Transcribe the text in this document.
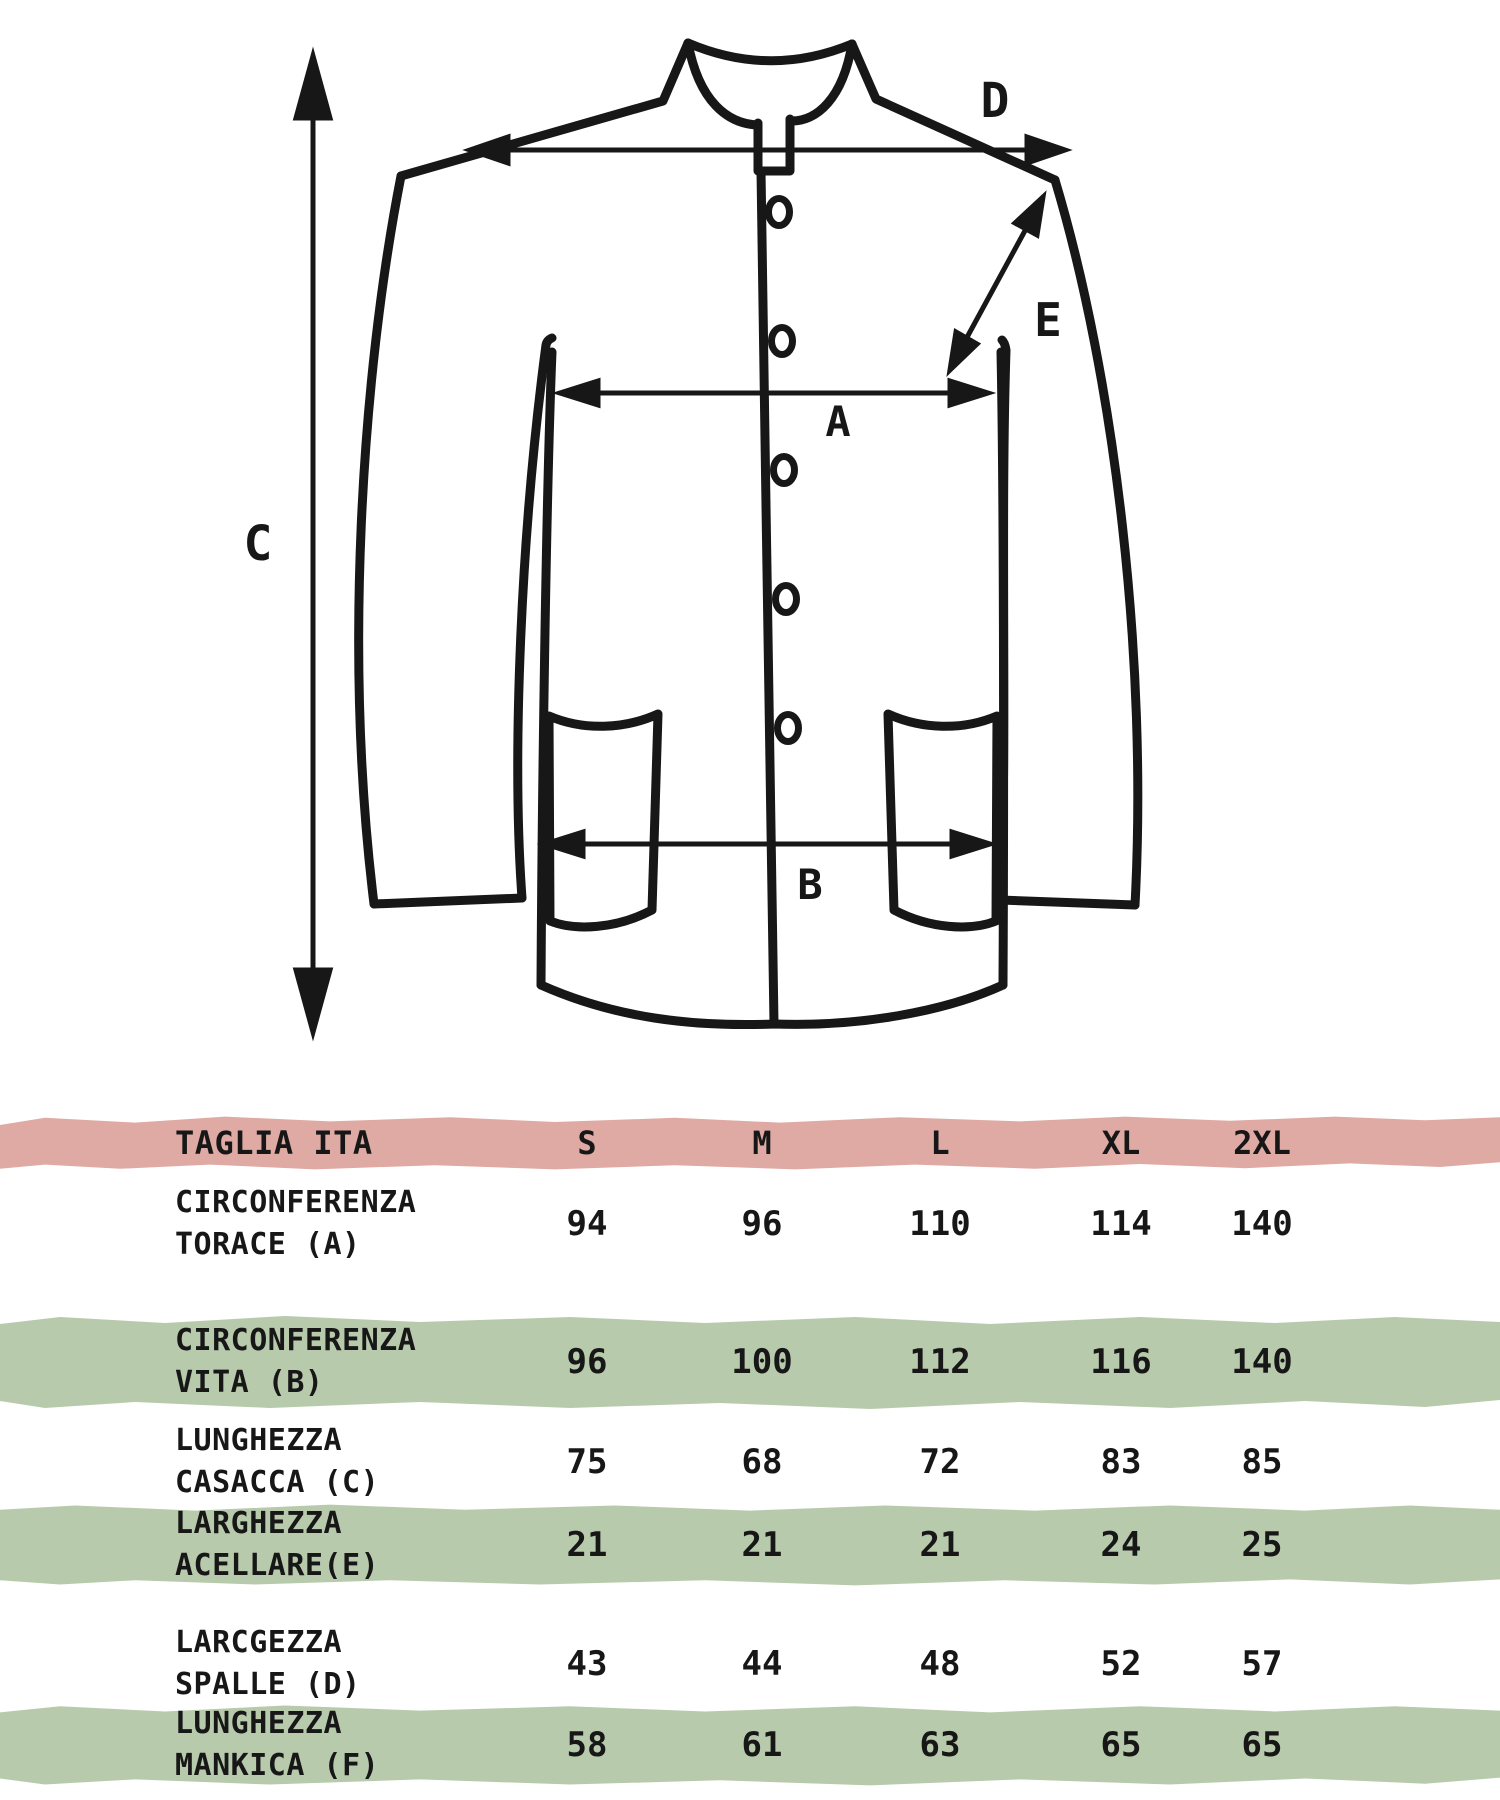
C
D
E
A
B
TAGLIA ITA	S	M	L	XL	2XL
CIRCONFERENZA
TORACE (A)
94	96	110	114	140
CIRCONFERENZA
VITA (B)
96	100	112	116	140
LUNGHEZZA
CASACCA (C)
75	68	72	83	85
LARGHEZZA
ACELLARE(E)
21	21	21	24	25
LARCGEZZA
SPALLE (D)
43	44	48	52	57
LUNGHEZZA
MANKICA (F)
58	61	63	65	65
